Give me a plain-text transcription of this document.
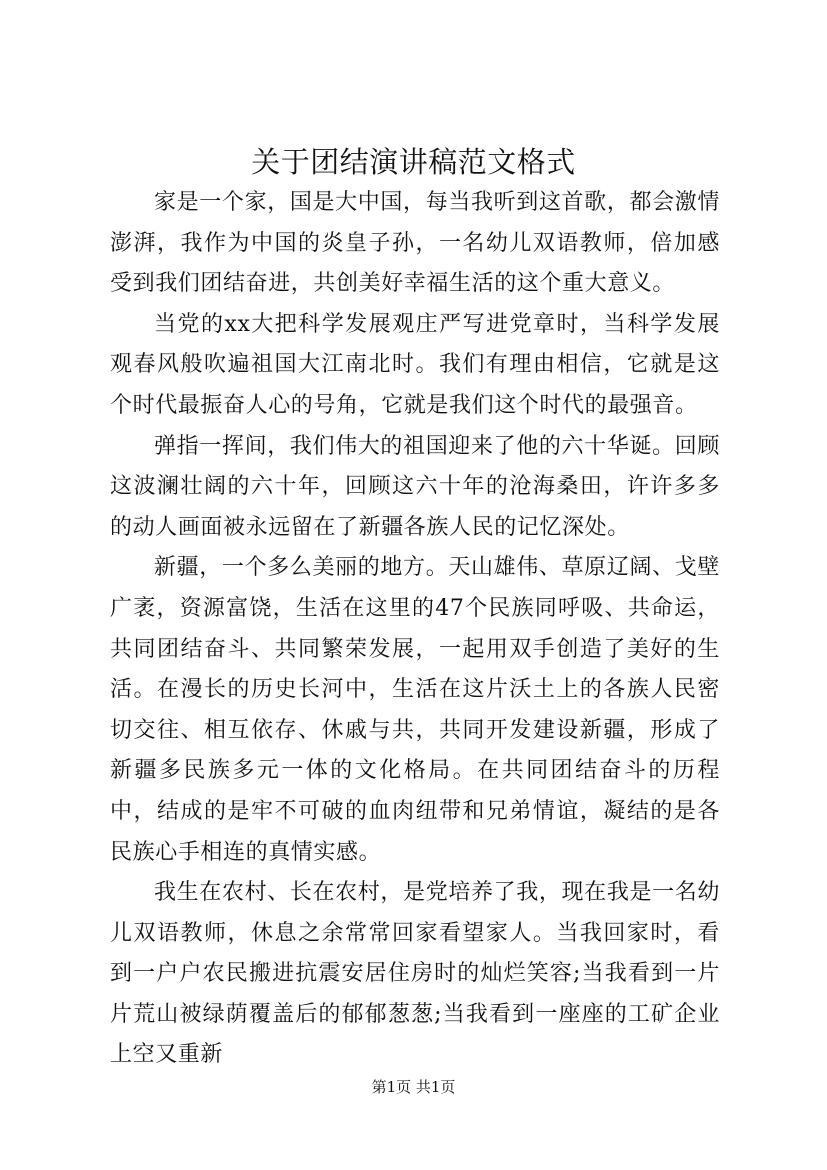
关于团结演讲稿范文格式

家是一个家，国是大中国，每当我听到这首歌，都会激情澎湃，我作为中国的炎皇子孙，一名幼儿双语教师，倍加感受到我们团结奋进，共创美好幸福生活的这个重大意义。

当党的xx大把科学发展观庄严写进党章时，当科学发展观春风般吹遍祖国大江南北时。我们有理由相信，它就是这个时代最振奋人心的号角，它就是我们这个时代的最强音。

弹指一挥间，我们伟大的祖国迎来了他的六十华诞。回顾这波澜壮阔的六十年，回顾这六十年的沧海桑田，许许多多的动人画面被永远留在了新疆各族人民的记忆深处。

新疆，一个多么美丽的地方。天山雄伟、草原辽阔、戈壁广袤，资源富饶，生活在这里的47个民族同呼吸、共命运，共同团结奋斗、共同繁荣发展，一起用双手创造了美好的生活。在漫长的历史长河中，生活在这片沃土上的各族人民密切交往、相互依存、休戚与共，共同开发建设新疆，形成了新疆多民族多元一体的文化格局。在共同团结奋斗的历程中，结成的是牢不可破的血肉纽带和兄弟情谊，凝结的是各民族心手相连的真情实感。

我生在农村、长在农村，是党培养了我，现在我是一名幼儿双语教师，休息之余常常回家看望家人。当我回家时，看到一户户农民搬进抗震安居住房时的灿烂笑容;当我看到一片片荒山被绿荫覆盖后的郁郁葱葱;当我看到一座座的工矿企业上空又重新

第1页 共1页
